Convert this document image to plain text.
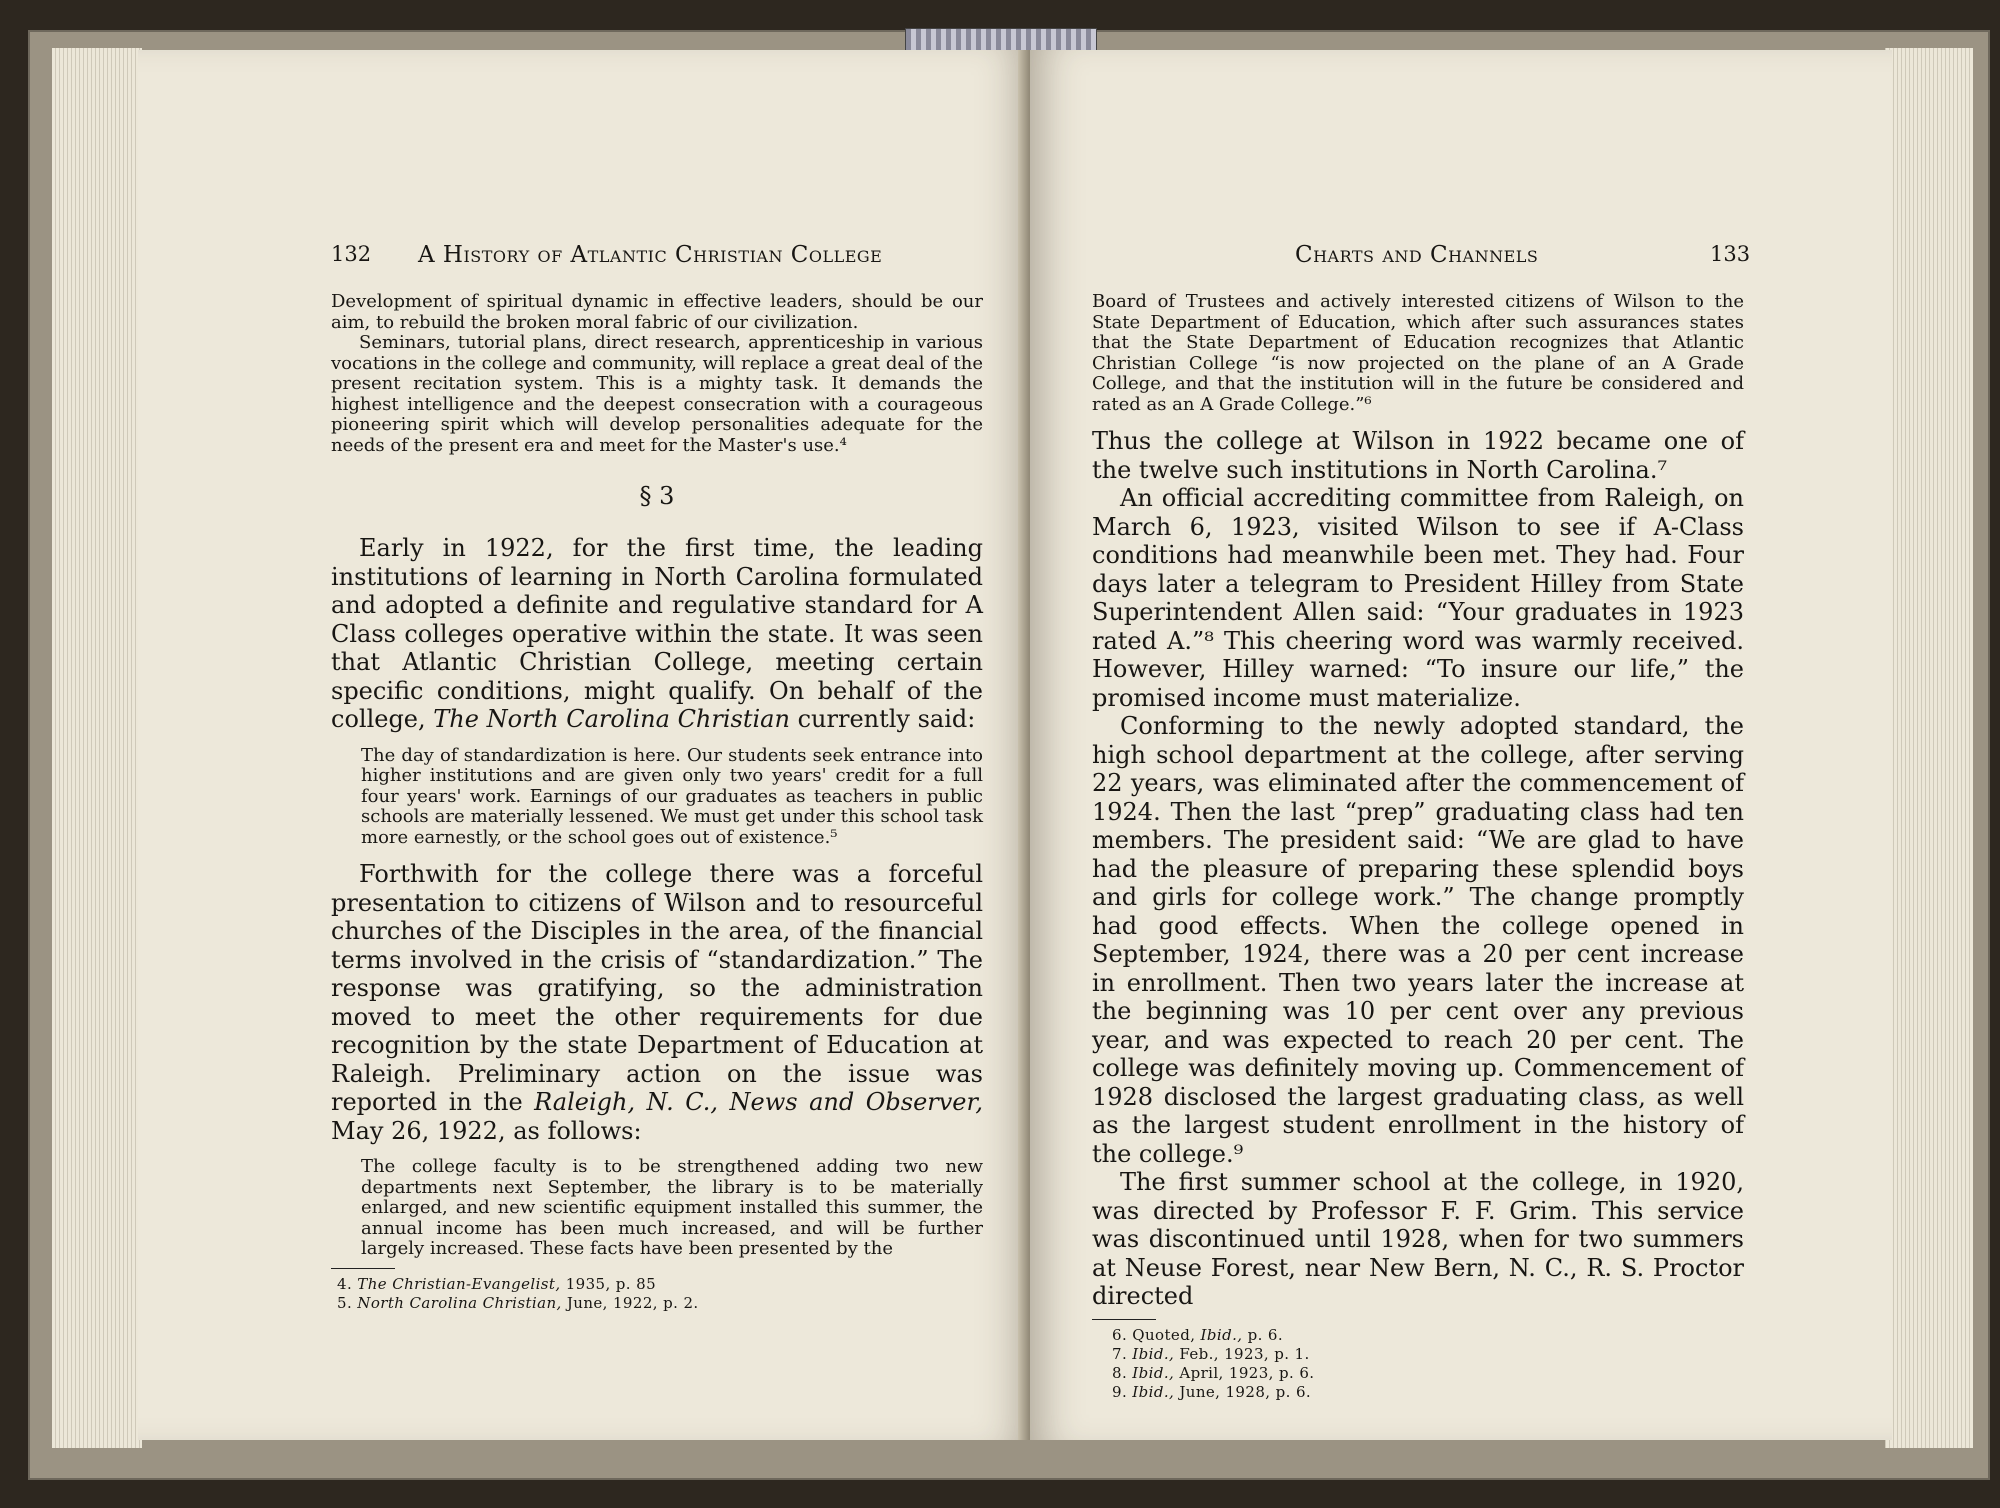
132 A History of Atlantic Christian College

Development of spiritual dynamic in effective leaders, should be our aim, to rebuild the broken moral fabric of our civilization.

Seminars, tutorial plans, direct research, apprenticeship in various vocations in the college and community, will replace a great deal of the present recitation system. This is a mighty task. It demands the highest intelligence and the deepest consecration with a courageous pioneering spirit which will develop personalities adequate for the needs of the present era and meet for the Master's use.⁴

§ 3

Early in 1922, for the first time, the leading institutions of learning in North Carolina formulated and adopted a definite and regulative standard for A Class colleges operative within the state. It was seen that Atlantic Christian College, meeting certain specific conditions, might qualify. On behalf of the college, The North Carolina Christian currently said:

The day of standardization is here. Our students seek entrance into higher institutions and are given only two years' credit for a full four years' work. Earnings of our graduates as teachers in public schools are materially lessened. We must get under this school task more earnestly, or the school goes out of existence.⁵

Forthwith for the college there was a forceful presentation to citizens of Wilson and to resourceful churches of the Disciples in the area, of the financial terms involved in the crisis of “standardization.” The response was gratifying, so the administration moved to meet the other requirements for due recognition by the state Department of Education at Raleigh. Preliminary action on the issue was reported in the Raleigh, N. C., News and Observer, May 26, 1922, as follows:

The college faculty is to be strengthened adding two new departments next September, the library is to be materially enlarged, and new scientific equipment installed this summer, the annual income has been much increased, and will be further largely increased. These facts have been presented by the

4. The Christian-Evangelist, 1935, p. 85

5. North Carolina Christian, June, 1922, p. 2.

Charts and Channels	133

Board of Trustees and actively interested citizens of Wilson to the State Department of Education, which after such assurances states that the State Department of Education recognizes that Atlantic Christian College “is now projected on the plane of an A Grade College, and that the institution will in the future be considered and rated as an A Grade College.”⁶

Thus the college at Wilson in 1922 became one of the twelve such institutions in North Carolina.⁷

An official accrediting committee from Raleigh, on March 6, 1923, visited Wilson to see if A-Class conditions had meanwhile been met. They had. Four days later a telegram to President Hilley from State Superintendent Allen said: “Your graduates in 1923 rated A.”⁸ This cheering word was warmly received. However, Hilley warned: “To insure our life,” the promised income must materialize.

Conforming to the newly adopted standard, the high school department at the college, after serving 22 years, was eliminated after the commencement of 1924. Then the last “prep” graduating class had ten members. The president said: “We are glad to have had the pleasure of preparing these splendid boys and girls for college work.” The change promptly had good effects. When the college opened in September, 1924, there was a 20 per cent increase in enrollment. Then two years later the increase at the beginning was 10 per cent over any previous year, and was expected to reach 20 per cent. The college was definitely moving up. Commencement of 1928 disclosed the largest graduating class, as well as the largest student enrollment in the history of the college.⁹

The first summer school at the college, in 1920, was directed by Professor F. F. Grim. This service was discontinued until 1928, when for two summers at Neuse Forest, near New Bern, N. C., R. S. Proctor directed

6. Quoted, Ibid., p. 6.

7. Ibid., Feb., 1923, p. 1.

8. Ibid., April, 1923, p. 6.

9. Ibid., June, 1928, p. 6.
